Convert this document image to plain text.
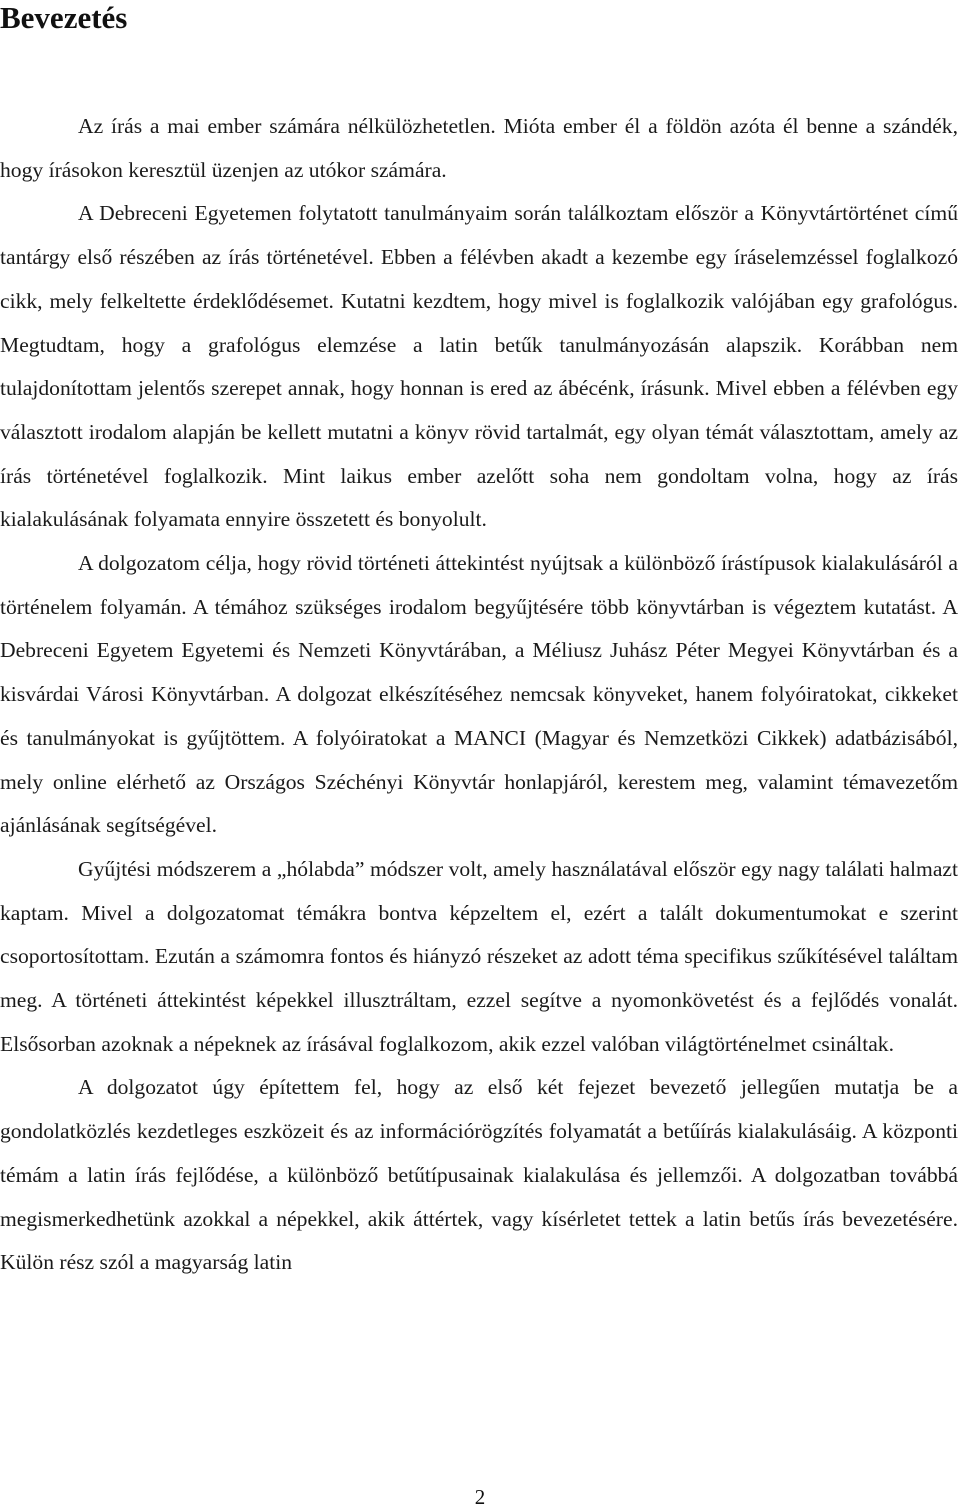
Bevezetés

Az írás a mai ember számára nélkülözhetetlen. Mióta ember él a földön azóta él benne a szándék, hogy írásokon keresztül üzenjen az utókor számára.

A Debreceni Egyetemen folytatott tanulmányaim során találkoztam először a Könyvtártörténet című tantárgy első részében az írás történetével. Ebben a félévben akadt a kezembe egy íráselemzéssel foglalkozó cikk, mely felkeltette érdeklődésemet. Kutatni kezdtem, hogy mivel is foglalkozik valójában egy grafológus. Megtudtam, hogy a grafológus elemzése a latin betűk tanulmányozásán alapszik. Korábban nem tulajdonítottam jelentős szerepet annak, hogy honnan is ered az ábécénk, írásunk. Mivel ebben a félévben egy választott irodalom alapján be kellett mutatni a könyv rövid tartalmát, egy olyan témát választottam, amely az írás történetével foglalkozik. Mint laikus ember azelőtt soha nem gondoltam volna, hogy az írás kialakulásának folyamata ennyire összetett és bonyolult.

A dolgozatom célja, hogy rövid történeti áttekintést nyújtsak a különböző írástípusok kialakulásáról a történelem folyamán. A témához szükséges irodalom begyűjtésére több könyvtárban is végeztem kutatást. A Debreceni Egyetem Egyetemi és Nemzeti Könyvtárában, a Méliusz Juhász Péter Megyei Könyvtárban és a kisvárdai Városi Könyvtárban. A dolgozat elkészítéséhez nemcsak könyveket, hanem folyóiratokat, cikkeket és tanulmányokat is gyűjtöttem. A folyóiratokat a MANCI (Magyar és Nemzetközi Cikkek) adatbázisából, mely online elérhető az Országos Széchényi Könyvtár honlapjáról, kerestem meg, valamint témavezetőm ajánlásának segítségével.

Gyűjtési módszerem a „hólabda” módszer volt, amely használatával először egy nagy találati halmazt kaptam. Mivel a dolgozatomat témákra bontva képzeltem el, ezért a talált dokumentumokat e szerint csoportosítottam. Ezután a számomra fontos és hiányzó részeket az adott téma specifikus szűkítésével találtam meg. A történeti áttekintést képekkel illusztráltam, ezzel segítve a nyomonkövetést és a fejlődés vonalát. Elsősorban azoknak a népeknek az írásával foglalkozom, akik ezzel valóban világtörténelmet csináltak.

A dolgozatot úgy építettem fel, hogy az első két fejezet bevezető jellegűen mutatja be a gondolatközlés kezdetleges eszközeit és az információrögzítés folyamatát a betűírás kialakulásáig. A központi témám a latin írás fejlődése, a különböző betűtípusainak kialakulása és jellemzői. A dolgozatban továbbá megismerkedhetünk azokkal a népekkel, akik áttértek, vagy kísérletet tettek a latin betűs írás bevezetésére. Külön rész szól a magyarság latin

2
